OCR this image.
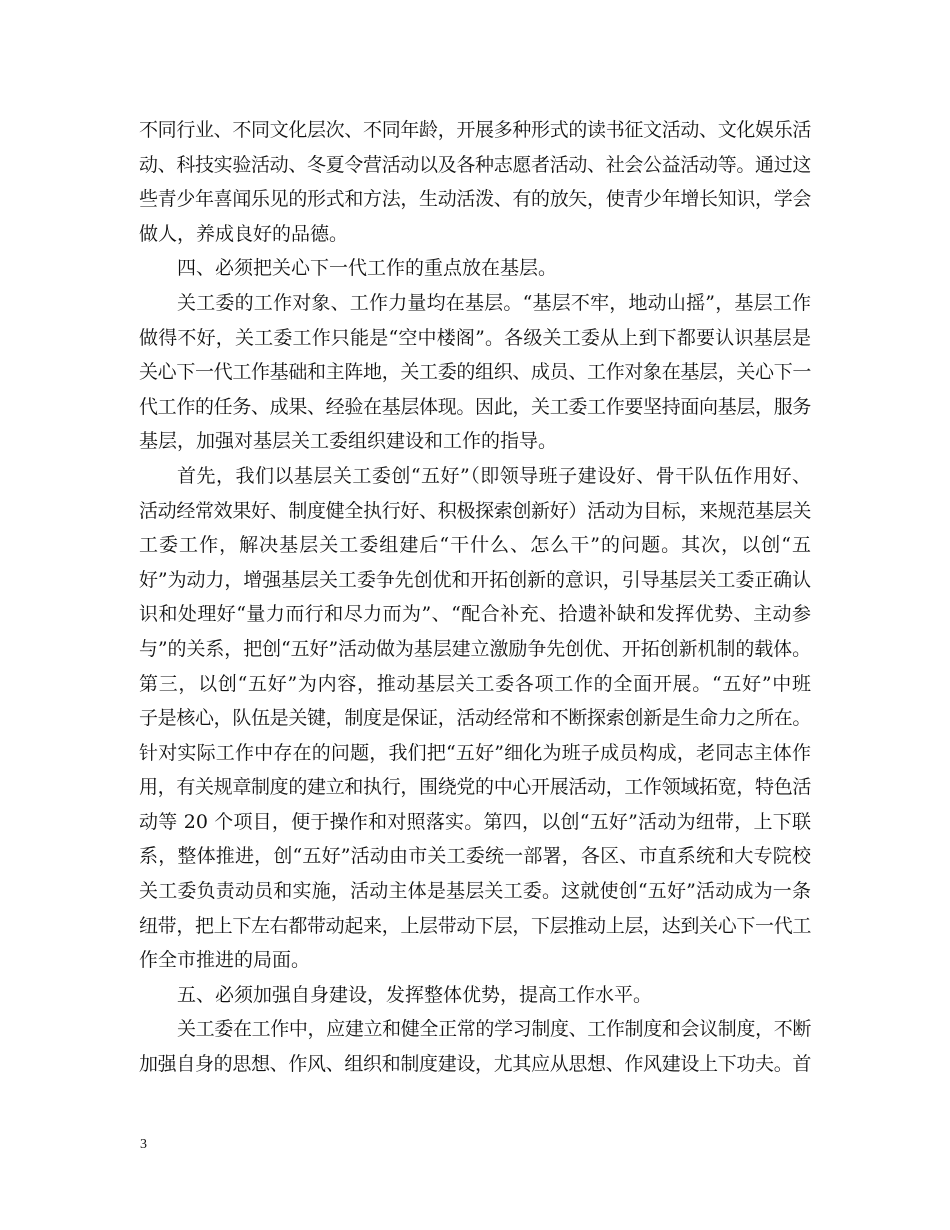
不同行业、不同文化层次、不同年龄，开展多种形式的读书征文活动、文化娱乐活
动、科技实验活动、冬夏令营活动以及各种志愿者活动、社会公益活动等。通过这
些青少年喜闻乐见的形式和方法，生动活泼、有的放矢，使青少年增长知识，学会
做人，养成良好的品德。
四、必须把关心下一代工作的重点放在基层。
关工委的工作对象、工作力量均在基层。“基层不牢，地动山摇”，基层工作
做得不好，关工委工作只能是“空中楼阁”。各级关工委从上到下都要认识基层是
关心下一代工作基础和主阵地，关工委的组织、成员、工作对象在基层，关心下一
代工作的任务、成果、经验在基层体现。因此，关工委工作要坚持面向基层，服务
基层，加强对基层关工委组织建设和工作的指导。
首先，我们以基层关工委创“五好”（即领导班子建设好、骨干队伍作用好、
活动经常效果好、制度健全执行好、积极探索创新好）活动为目标，来规范基层关
工委工作，解决基层关工委组建后“干什么、怎么干”的问题。其次，以创“五
好”为动力，增强基层关工委争先创优和开拓创新的意识，引导基层关工委正确认
识和处理好“量力而行和尽力而为”、“配合补充、拾遗补缺和发挥优势、主动参
与”的关系，把创“五好”活动做为基层建立激励争先创优、开拓创新机制的载体。
第三，以创“五好”为内容，推动基层关工委各项工作的全面开展。“五好”中班
子是核心，队伍是关键，制度是保证，活动经常和不断探索创新是生命力之所在。
针对实际工作中存在的问题，我们把“五好”细化为班子成员构成，老同志主体作
用，有关规章制度的建立和执行，围绕党的中心开展活动，工作领域拓宽，特色活
动等 20 个项目，便于操作和对照落实。第四，以创“五好”活动为纽带，上下联
系，整体推进，创“五好”活动由市关工委统一部署，各区、市直系统和大专院校
关工委负责动员和实施，活动主体是基层关工委。这就使创“五好”活动成为一条
纽带，把上下左右都带动起来，上层带动下层，下层推动上层，达到关心下一代工
作全市推进的局面。
五、必须加强自身建设，发挥整体优势，提高工作水平。
关工委在工作中，应建立和健全正常的学习制度、工作制度和会议制度，不断
加强自身的思想、作风、组织和制度建设，尤其应从思想、作风建设上下功夫。首
3
